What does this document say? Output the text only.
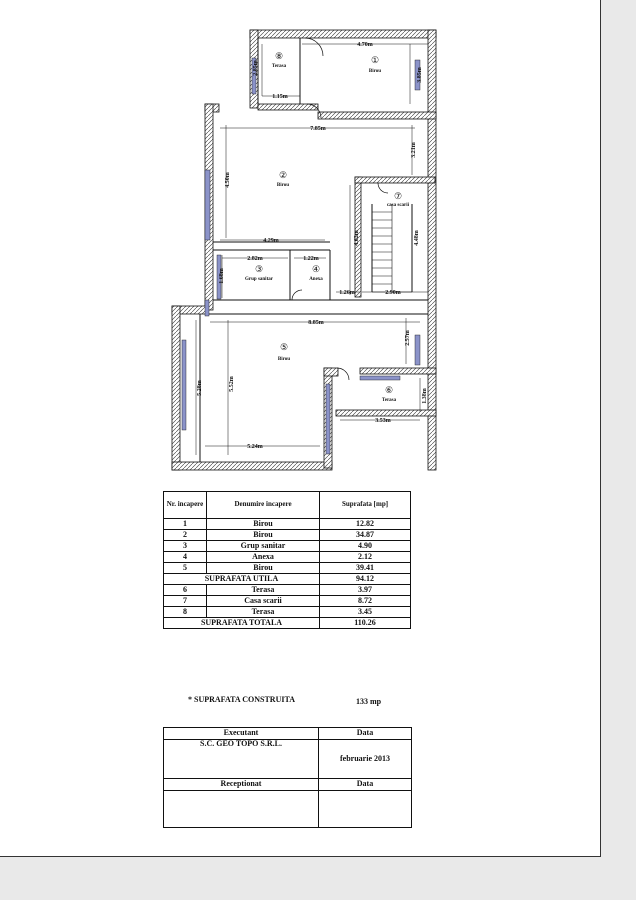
①
Birou
②
Birou
③
Grup sanitar
④
Anexa
⑤
Birou
⑥
Terasa
⑦
casa scarii
⑧
Terasa
4.70m
1.15m
7.85m
4.29m
2.82m	1.22m
1.26m	2.90m
8.85m
3.53m
5.24m
3.85m
2.85m
4.50m
3.21m
4.62m	4.48m
1.68m
2.57m
1.38m
5.28m	5.52m
Nr. incapere	Denumire incapere	Suprafata [mp]
1	Birou	12.82
2	Birou	34.87
3	Grup sanitar	4.90
4	Anexa	2.12
5	Birou	39.41
SUPRAFATA UTILA		94.12
6	Terasa	3.97
7	Casa scarii	8.72
8	Terasa	3.45
SUPRAFATA TOTALA		110.26
* SUPRAFATA CONSTRUITA	133 mp
Executant	Data
S.C. GEO TOPO S.R.L.	februarie 2013
Receptionat	Data
